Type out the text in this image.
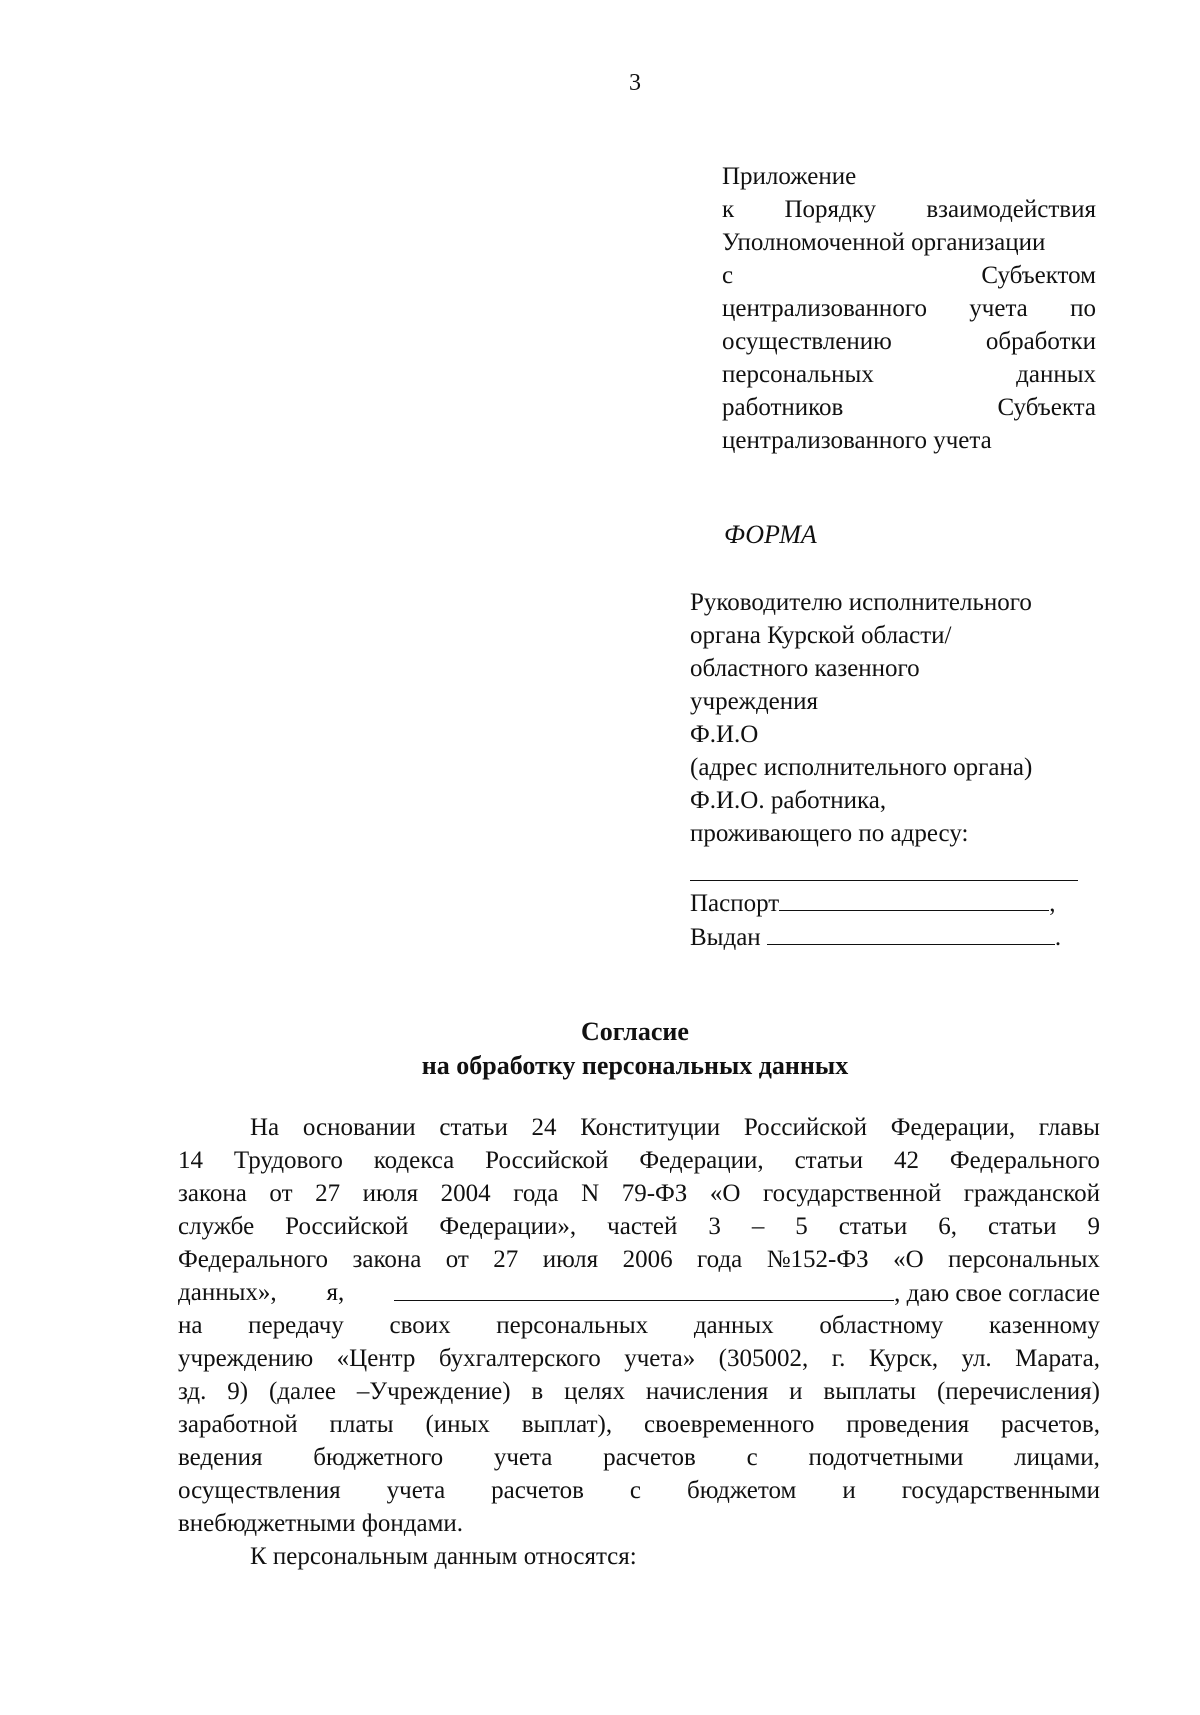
3
Приложение
к Порядку взаимодействия
Уполномоченной организации
с	Субъектом
централизованного учета по
осуществлению	обработки
персональных	данных
работников	Субъекта
централизованного учета
ФОРМА
Руководителю исполнительного
органа Курской области/
областного казенного
учреждения
Ф.И.О
(адрес исполнительного органа)
Ф.И.О. работника,
проживающего по адресу:
Паспорт	,
Выдан	.
Согласие
на обработку персональных данных
На основании статьи 24 Конституции Российской Федерации, главы
14 Трудового кодекса Российской Федерации, статьи 42 Федерального
закона от 27 июля 2004 года N 79-ФЗ «О государственной гражданской
службе Российской Федерации», частей 3 – 5 статьи 6, статьи 9
Федерального закона от 27 июля 2006 года №152-ФЗ «О персональных
данных», я,	, даю свое согласие
на передачу своих персональных данных областному казенному
учреждению «Центр бухгалтерского учета» (305002, г. Курск, ул. Марата,
зд. 9) (далее –Учреждение) в целях начисления и выплаты (перечисления)
заработной платы (иных выплат), своевременного проведения расчетов,
ведения бюджетного учета расчетов с подотчетными лицами,
осуществления учета расчетов с бюджетом и государственными
внебюджетными фондами.
К персональным данным относятся:
